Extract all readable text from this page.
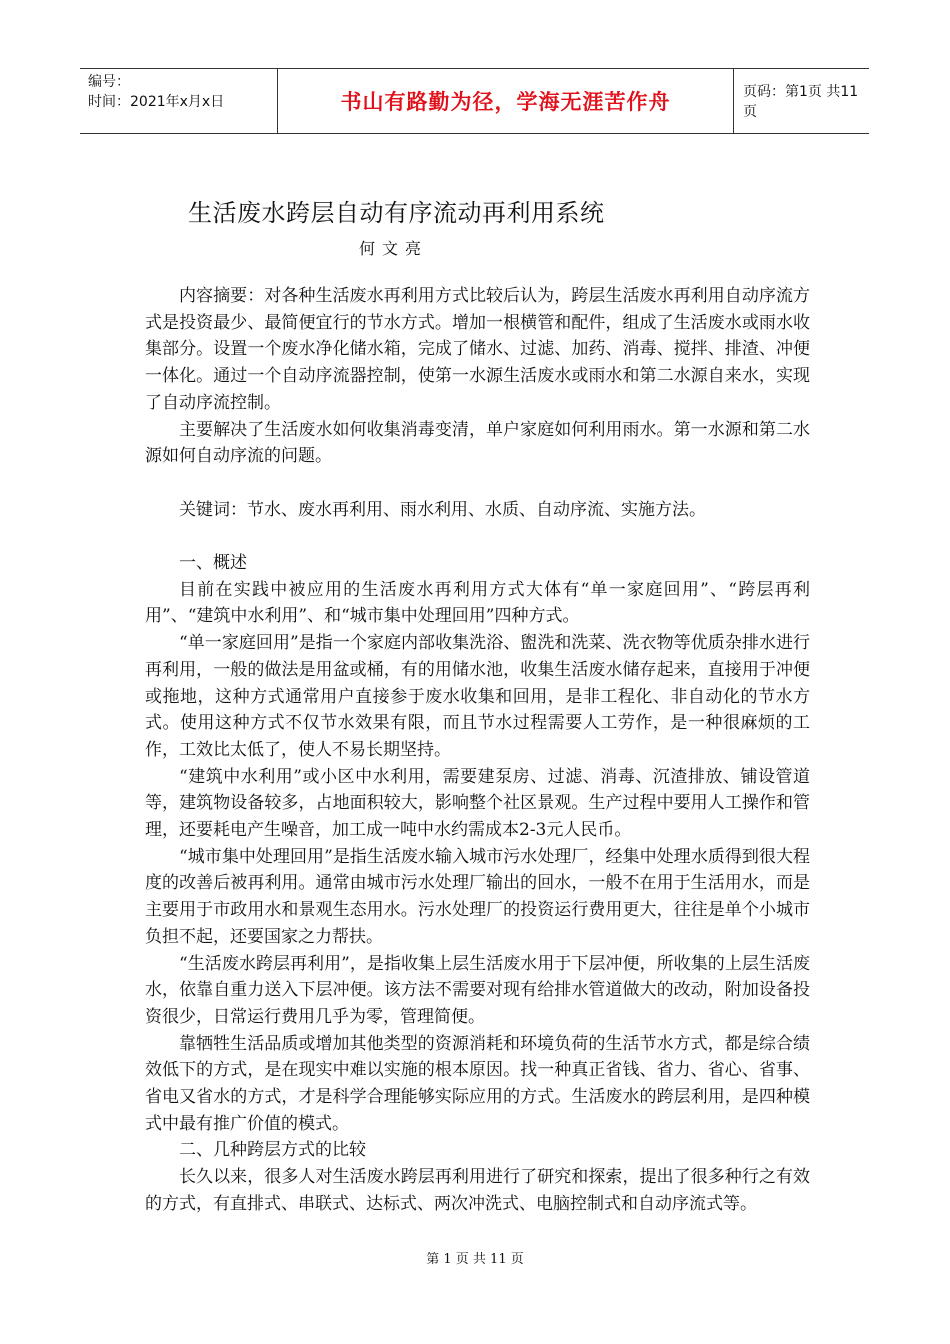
编号：
时间：2021年x月x日	书山有路勤为径，学海无涯苦作舟	页码：第1页 共11页
生活废水跨层自动有序流动再利用系统
何文亮

内容摘要：对各种生活废水再利用方式比较后认为，跨层生活废水再利用自动序流方式是投资最少、最简便宜行的节水方式。增加一根横管和配件，组成了生活废水或雨水收集部分。设置一个废水净化储水箱，完成了储水、过滤、加药、消毒、搅拌、排渣、冲便一体化。通过一个自动序流器控制，使第一水源生活废水或雨水和第二水源自来水，实现了自动序流控制。

主要解决了生活废水如何收集消毒变清，单户家庭如何利用雨水。第一水源和第二水源如何自动序流的问题。

关键词：节水、废水再利用、雨水利用、水质、自动序流、实施方法。

一、概述

目前在实践中被应用的生活废水再利用方式大体有“单一家庭回用”、“跨层再利用”、“建筑中水利用”、和“城市集中处理回用”四种方式。

“单一家庭回用”是指一个家庭内部收集洗浴、盥洗和洗菜、洗衣物等优质杂排水进行再利用，一般的做法是用盆或桶，有的用储水池，收集生活废水储存起来，直接用于冲便或拖地，这种方式通常用户直接参于废水收集和回用，是非工程化、非自动化的节水方式。使用这种方式不仅节水效果有限，而且节水过程需要人工劳作，是一种很麻烦的工作，工效比太低了，使人不易长期坚持。

“建筑中水利用”或小区中水利用，需要建泵房、过滤、消毒、沉渣排放、铺设管道等，建筑物设备较多，占地面积较大，影响整个社区景观。生产过程中要用人工操作和管理，还要耗电产生噪音，加工成一吨中水约需成本2-3元人民币。

“城市集中处理回用”是指生活废水输入城市污水处理厂，经集中处理水质得到很大程度的改善后被再利用。通常由城市污水处理厂输出的回水，一般不在用于生活用水，而是主要用于市政用水和景观生态用水。污水处理厂的投资运行费用更大，往往是单个小城市负担不起，还要国家之力帮扶。

“生活废水跨层再利用”，是指收集上层生活废水用于下层冲便，所收集的上层生活废水，依靠自重力送入下层冲便。该方法不需要对现有给排水管道做大的改动，附加设备投资很少，日常运行费用几乎为零，管理简便。

靠牺牲生活品质或增加其他类型的资源消耗和环境负荷的生活节水方式，都是综合绩效低下的方式，是在现实中难以实施的根本原因。找一种真正省钱、省力、省心、省事、省电又省水的方式，才是科学合理能够实际应用的方式。生活废水的跨层利用，是四种模式中最有推广价值的模式。

二、几种跨层方式的比较

长久以来，很多人对生活废水跨层再利用进行了研究和探索，提出了很多种行之有效的方式，有直排式、串联式、达标式、两次冲洗式、电脑控制式和自动序流式等。

第 1 页 共 11 页
